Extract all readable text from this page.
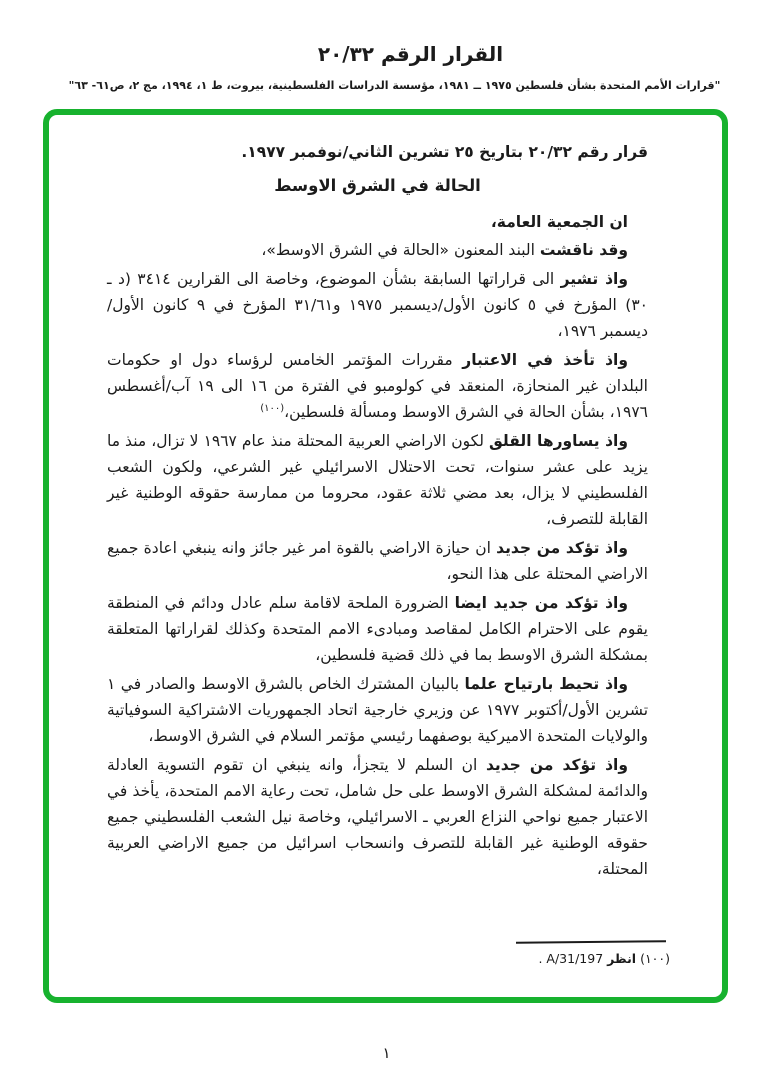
القرار الرقم ٢٠/٣٢
"قرارات الأمم المتحدة بشأن فلسطين ١٩٧٥ ــ ١٩٨١، مؤسسة الدراسات الفلسطينية، بيروت، ط ١، ١٩٩٤، مج ٢، ص٦١- ٦٣"

قرار رقم ٢٠/٣٢ بتاريخ ٢٥ تشرين الثاني/نوفمبر ١٩٧٧.

الحالة في الشرق الاوسط

ان الجمعية العامة،

وقد ناقشت البند المعنون «الحالة في الشرق الاوسط»،

واذ تشير الى قراراتها السابقة بشأن الموضوع، وخاصة الى القرارين ٣٤١٤ (د ـ ٣٠) المؤرخ في ٥ كانون الأول/ديسمبر ١٩٧٥ و٣١/٦١ المؤرخ في ٩ كانون الأول/ديسمبر ١٩٧٦،

واذ تأخذ في الاعتبار مقررات المؤتمر الخامس لرؤساء دول او حكومات البلدان غير المنحازة، المنعقد في كولومبو في الفترة من ١٦ الى ١٩ آب/أغسطس ١٩٧٦، بشأن الحالة في الشرق الاوسط ومسألة فلسطين،$^{(١٠٠)}$

واذ يساورها القلق لكون الاراضي العربية المحتلة منذ عام ١٩٦٧ لا تزال، منذ ما يزيد على عشر سنوات، تحت الاحتلال الاسرائيلي غير الشرعي، ولكون الشعب الفلسطيني لا يزال، بعد مضي ثلاثة عقود، محروما من ممارسة حقوقه الوطنية غير القابلة للتصرف،

واذ تؤكد من جديد ان حيازة الاراضي بالقوة امر غير جائز وانه ينبغي اعادة جميع الاراضي المحتلة على هذا النحو،

واذ تؤكد من جديد ايضا الضرورة الملحة لاقامة سلم عادل ودائم في المنطقة يقوم على الاحترام الكامل لمقاصد ومبادىء الامم المتحدة وكذلك لقراراتها المتعلقة بمشكلة الشرق الاوسط بما في ذلك قضية فلسطين،

واذ تحيط بارتياح علما بالبيان المشترك الخاص بالشرق الاوسط والصادر في ١ تشرين الأول/أكتوبر ١٩٧٧ عن وزيري خارجية اتحاد الجمهوريات الاشتراكية السوفياتية والولايات المتحدة الاميركية بوصفهما رئيسي مؤتمر السلام في الشرق الاوسط،

واذ تؤكد من جديد ان السلم لا يتجزأ، وانه ينبغي ان تقوم التسوية العادلة والدائمة لمشكلة الشرق الاوسط على حل شامل، تحت رعاية الامم المتحدة، يأخذ في الاعتبار جميع نواحي النزاع العربي ـ الاسرائيلي، وخاصة نيل الشعب الفلسطيني جميع حقوقه الوطنية غير القابلة للتصرف وانسحاب اسرائيل من جميع الاراضي العربية المحتلة،

(١٠٠) انظر A/31/197 .
١
